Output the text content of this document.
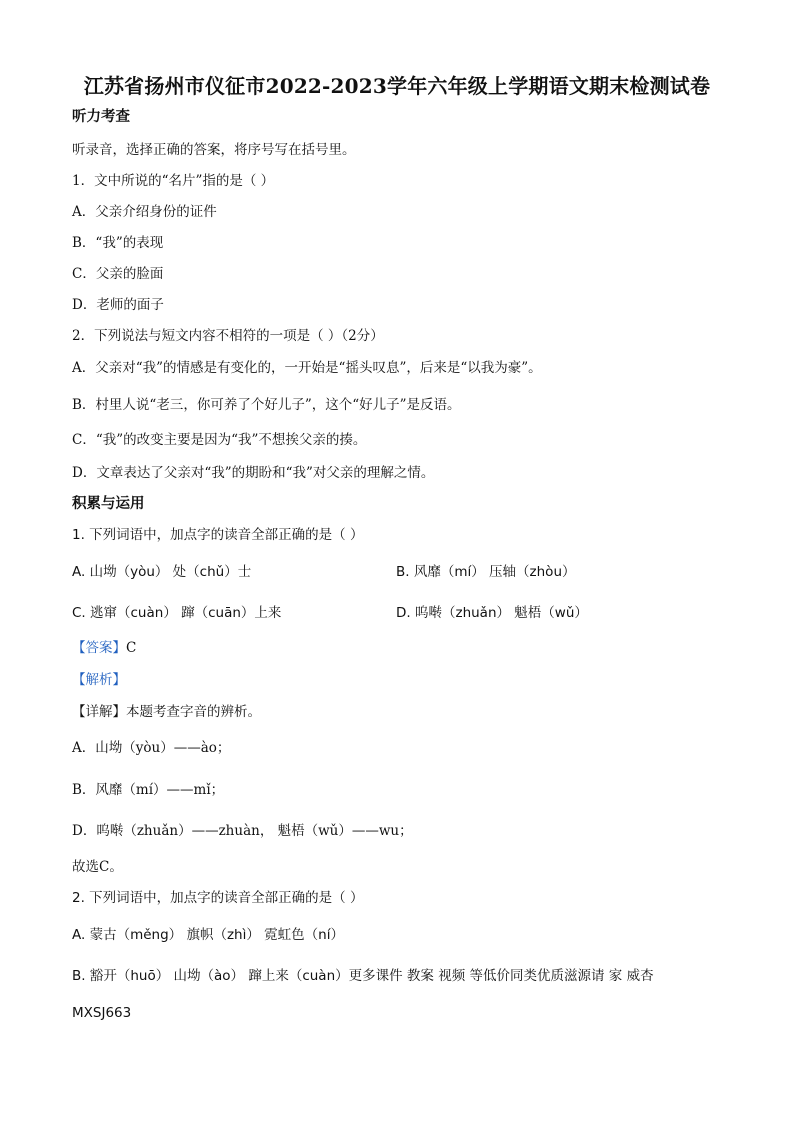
江苏省扬州市仪征市2022-2023学年六年级上学期语文期末检测试卷
听力考查
听录音，选择正确的答案，将序号写在括号里。
1．文中所说的“名片”指的是（ ）
A．父亲介绍身份的证件
B．“我”的表现
C．父亲的脸面
D．老师的面子
2．下列说法与短文内容不相符的一项是（ ）（2分）
A．父亲对“我”的情感是有变化的，一开始是“摇头叹息”，后来是“以我为豪”。
B．村里人说“老三，你可养了个好儿子”，这个“好儿子”是反语。
C．“我”的改变主要是因为“我”不想挨父亲的揍。
D．文章表达了父亲对“我”的期盼和“我”对父亲的理解之情。
积累与运用
1. 下列词语中，加点字的读音全部正确的是（ ）
A. 山坳（yòu） 处（chǔ）士	B. 风靡（mí） 压轴（zhòu）
C. 逃窜（cuàn） 蹿（cuān）上来	D. 呜啭（zhuǎn） 魁梧（wǔ）
【答案】C
【解析】
【详解】本题考查字音的辨析。
A．山坳（yòu）——ào；
B．风靡（mí）——mǐ；
D．呜啭（zhuǎn）——zhuàn， 魁梧（wǔ）——wu；
故选C。
2. 下列词语中，加点字的读音全部正确的是（ ）
A. 蒙古（měng） 旗帜（zhì） 霓虹色（ní）
B. 豁开（huō） 山坳（ào） 蹿上来（cuàn）更多课件 教案 视频 等低价同类优质滋源请 家 威杏
MXSJ663
